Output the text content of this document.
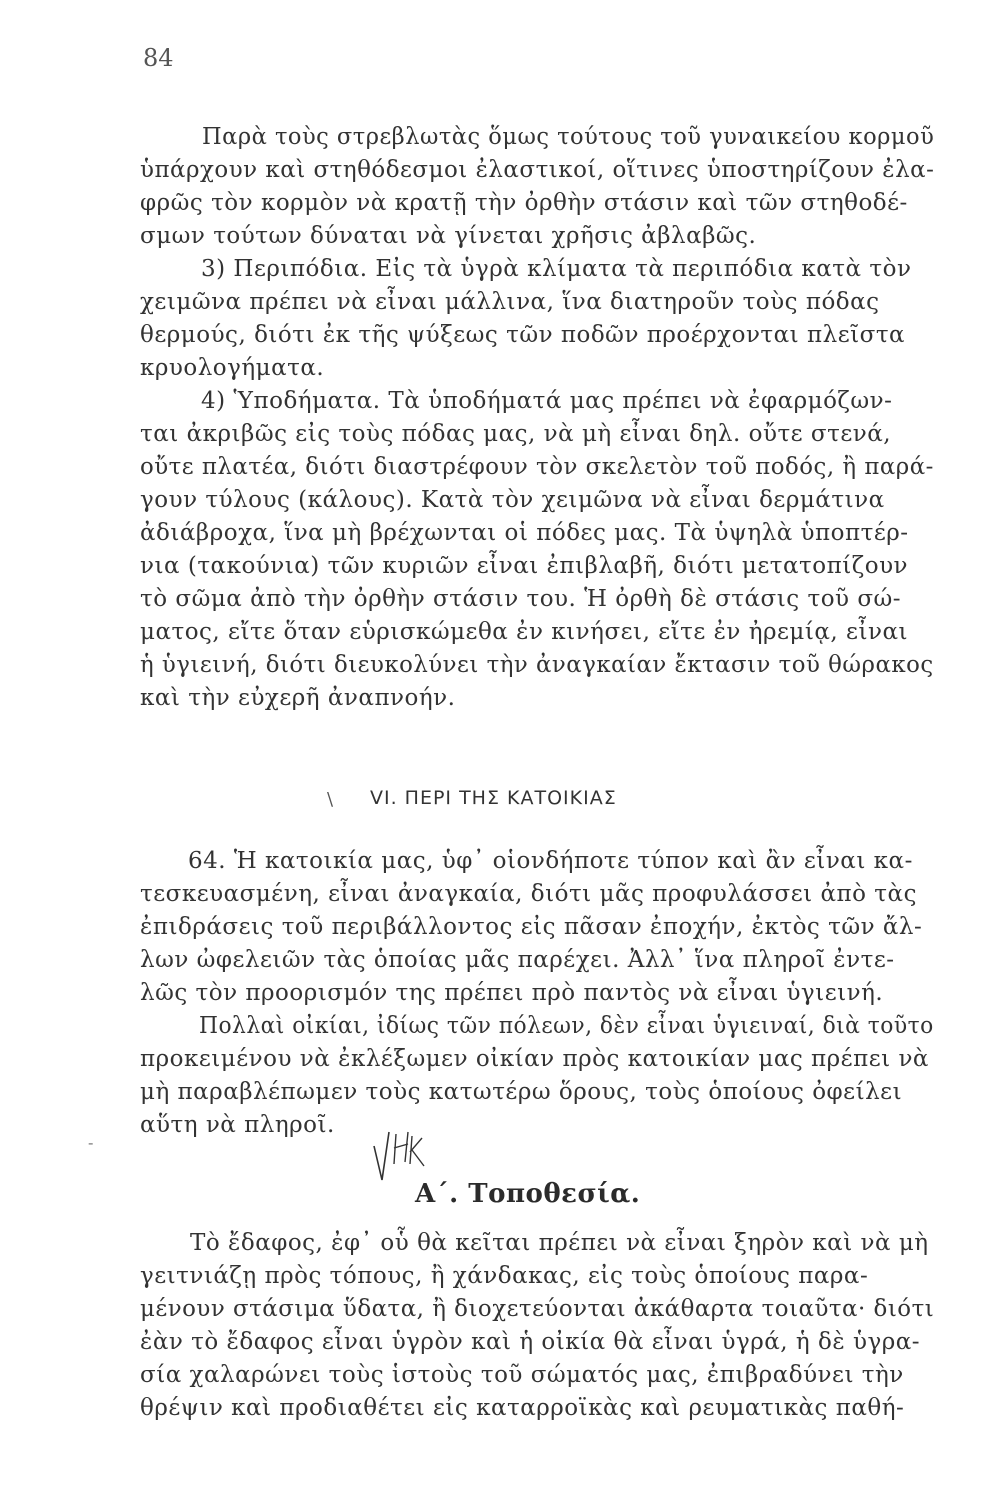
84
Παρὰ τοὺς στρεβλωτὰς ὅμως τούτους τοῦ γυναικείου κορμοῦ
ὑπάρχουν καὶ στηθόδεσμοι ἐλαστικοί, οἵτινες ὑποστηρίζουν ἐλα-
φρῶς τὸν κορμὸν νὰ κρατῇ τὴν ὀρθὴν στάσιν καὶ τῶν στηθοδέ-
σμων τούτων δύναται νὰ γίνεται χρῆσις ἀβλαβῶς.
3) Περιπόδια. Εἰς τὰ ὑγρὰ κλίματα τὰ περιπόδια κατὰ τὸν
χειμῶνα πρέπει νὰ εἶναι μάλλινα, ἵνα διατηροῦν τοὺς πόδας
θερμούς, διότι ἐκ τῆς ψύξεως τῶν ποδῶν προέρχονται πλεῖστα
κρυολογήματα.
4) Ὑποδήματα. Τὰ ὑποδήματά μας πρέπει νὰ ἐφαρμόζων-
ται ἀκριβῶς εἰς τοὺς πόδας μας, νὰ μὴ εἶναι δηλ. οὔτε στενά,
οὔτε πλατέα, διότι διαστρέφουν τὸν σκελετὸν τοῦ ποδός, ἢ παρά-
γουν τύλους (κάλους). Κατὰ τὸν χειμῶνα νὰ εἶναι δερμάτινα
ἀδιάβροχα, ἵνα μὴ βρέχωνται οἱ πόδες μας. Τὰ ὑψηλὰ ὑποπτέρ-
νια (τακούνια) τῶν κυριῶν εἶναι ἐπιβλαβῆ, διότι μετατοπίζουν
τὸ σῶμα ἀπὸ τὴν ὀρθὴν στάσιν του. Ἡ ὀρθὴ δὲ στάσις τοῦ σώ-
ματος, εἴτε ὅταν εὑρισκώμεθα ἐν κινήσει, εἴτε ἐν ἠρεμίᾳ, εἶναι
ἡ ὑγιεινή, διότι διευκολύνει τὴν ἀναγκαίαν ἔκτασιν τοῦ θώρακος
καὶ τὴν εὐχερῆ ἀναπνοήν.
\ VI. ΠΕΡΙ ΤΗΣ ΚΑΤΟΙΚΙΑΣ
64. Ἡ κατοικία μας, ὑφ᾽ οἱονδήποτε τύπον καὶ ἂν εἶναι κα-
τεσκευασμένη, εἶναι ἀναγκαία, διότι μᾶς προφυλάσσει ἀπὸ τὰς
ἐπιδράσεις τοῦ περιβάλλοντος εἰς πᾶσαν ἐποχήν, ἐκτὸς τῶν ἄλ-
λων ὠφελειῶν τὰς ὁποίας μᾶς παρέχει. Ἀλλ᾽ ἵνα πληροῖ ἐντε-
λῶς τὸν προορισμόν της πρέπει πρὸ παντὸς νὰ εἶναι ὑγιεινή.
Πολλαὶ οἰκίαι, ἰδίως τῶν πόλεων, δὲν εἶναι ὑγιειναί, διὰ τοῦτο
προκειμένου νὰ ἐκλέξωμεν οἰκίαν πρὸς κατοικίαν μας πρέπει νὰ
μὴ παραβλέπωμεν τοὺς κατωτέρω ὅρους, τοὺς ὁποίους ὀφείλει
αὕτη νὰ πληροῖ.
-
Α΄. Τοποθεσία.
Τὸ ἔδαφος, ἐφ᾽ οὗ θὰ κεῖται πρέπει νὰ εἶναι ξηρὸν καὶ νὰ μὴ
γειτνιάζῃ πρὸς τόπους, ἢ χάνδακας, εἰς τοὺς ὁποίους παρα-
μένουν στάσιμα ὕδατα, ἢ διοχετεύονται ἀκάθαρτα τοιαῦτα· διότι
ἐὰν τὸ ἔδαφος εἶναι ὑγρὸν καὶ ἡ οἰκία θὰ εἶναι ὑγρά, ἡ δὲ ὑγρα-
σία χαλαρώνει τοὺς ἱστοὺς τοῦ σώματός μας, ἐπιβραδύνει τὴν
θρέψιν καὶ προδιαθέτει εἰς καταρροϊκὰς καὶ ρευματικὰς παθή-
